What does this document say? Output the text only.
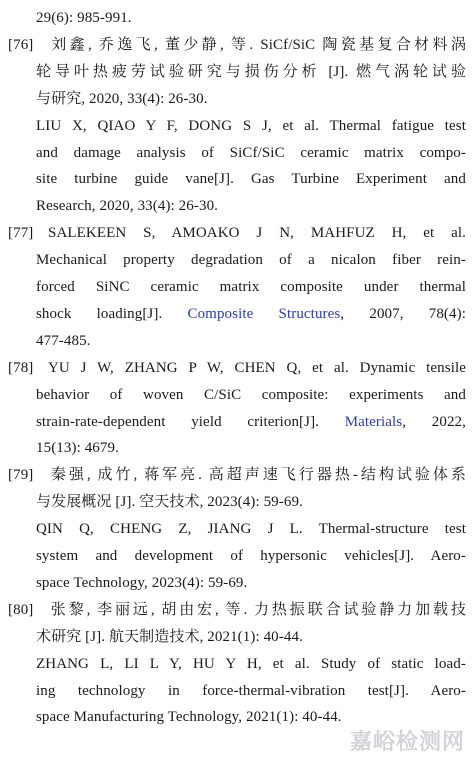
29(6): 985-991.
[76] 刘鑫, 乔逸飞, 董少静, 等. SiCf/SiC 陶瓷基复合材料涡
轮导叶热疲劳试验研究与损伤分析 [J]. 燃气涡轮试验
与研究, 2020, 33(4): 26-30.
LIU X, QIAO Y F, DONG S J, et al. Thermal fatigue test
and damage analysis of SiCf/SiC ceramic matrix compo-
site turbine guide vane[J]. Gas Turbine Experiment and
Research, 2020, 33(4): 26-30.
[77] SALEKEEN S, AMOAKO J N, MAHFUZ H, et al.
Mechanical property degradation of a nicalon fiber rein-
forced SiNC ceramic matrix composite under thermal
shock loading[J]. Composite Structures, 2007, 78(4):
477-485.
[78] YU J W, ZHANG P W, CHEN Q, et al. Dynamic tensile
behavior of woven C/SiC composite: experiments and
strain-rate-dependent yield criterion[J]. Materials, 2022,
15(13): 4679.
[79] 秦强, 成竹, 蒋军亮. 高超声速飞行器热-结构试验体系
与发展概况 [J]. 空天技术, 2023(4): 59-69.
QIN Q, CHENG Z, JIANG J L. Thermal-structure test
system and development of hypersonic vehicles[J]. Aero-
space Technology, 2023(4): 59-69.
[80] 张黎, 李丽远, 胡由宏, 等. 力热振联合试验静力加载技
术研究 [J]. 航天制造技术, 2021(1): 40-44.
ZHANG L, LI L Y, HU Y H, et al. Study of static load-
ing technology in force-thermal-vibration test[J]. Aero-
space Manufacturing Technology, 2021(1): 40-44.
嘉峪检测网
